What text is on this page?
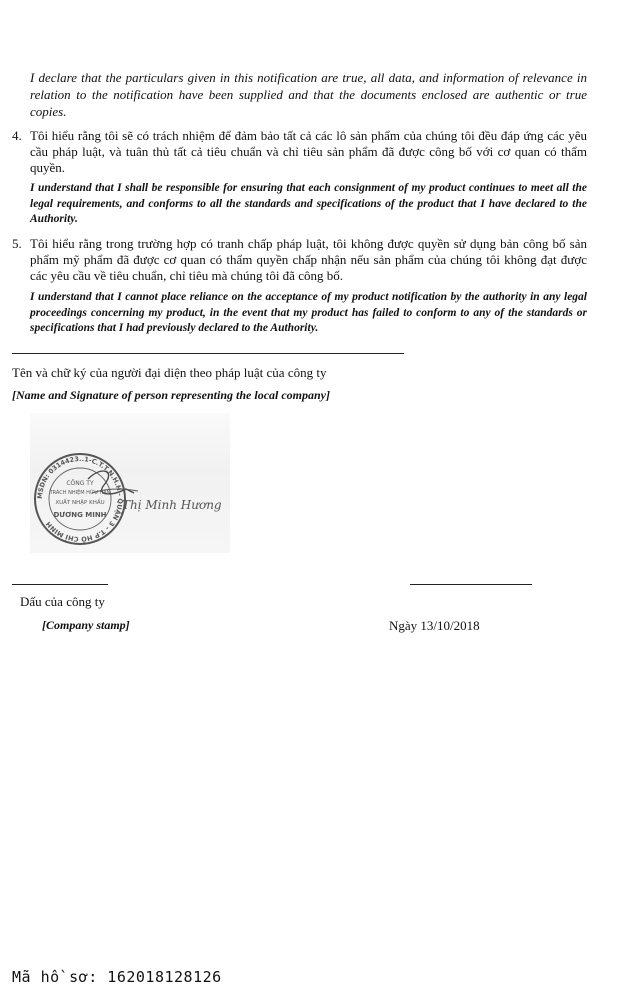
I declare that the particulars given in this notification are true, all data, and information of relevance in relation to the notification have been supplied and that the documents enclosed are authentic or true copies.
4. Tôi hiểu rằng tôi sẽ có trách nhiệm để đảm bảo tất cả các lô sản phẩm của chúng tôi đều đáp ứng các yêu cầu pháp luật, và tuân thủ tất cả tiêu chuẩn và chỉ tiêu sản phẩm đã được công bố với cơ quan có thẩm quyền.
I understand that I shall be responsible for ensuring that each consignment of my product continues to meet all the legal requirements, and conforms to all the standards and specifications of the product that I have declared to the Authority.
5. Tôi hiểu rằng trong trường hợp có tranh chấp pháp luật, tôi không được quyền sử dụng bản công bố sản phẩm mỹ phẩm đã được cơ quan có thẩm quyền chấp nhận nếu sản phẩm của chúng tôi không đạt được các yêu cầu về tiêu chuẩn, chỉ tiêu mà chúng tôi đã công bố.
I understand that I cannot place reliance on the acceptance of my product notification by the authority in any legal proceedings concerning my product, in the event that my product has failed to conform to any of the standards or specifications that I had previously declared to the Authority.
Tên và chữ ký của người đại diện theo pháp luật của công ty
[Name and Signature of person representing the local company]
MSDN: 0314423..1-C.T.T.N.H.H - QUẬN 3 - T.P HỒ CHÍ MINH
CÔNG TY
TRÁCH NHIỆM HỮU HẠN
XUẤT NHẬP KHẨU
DƯƠNG MINH
Thị Minh Hương
Dấu của công ty
[Company stamp]	Ngày 13/10/2018
Mã hồ sơ: 162018128126
